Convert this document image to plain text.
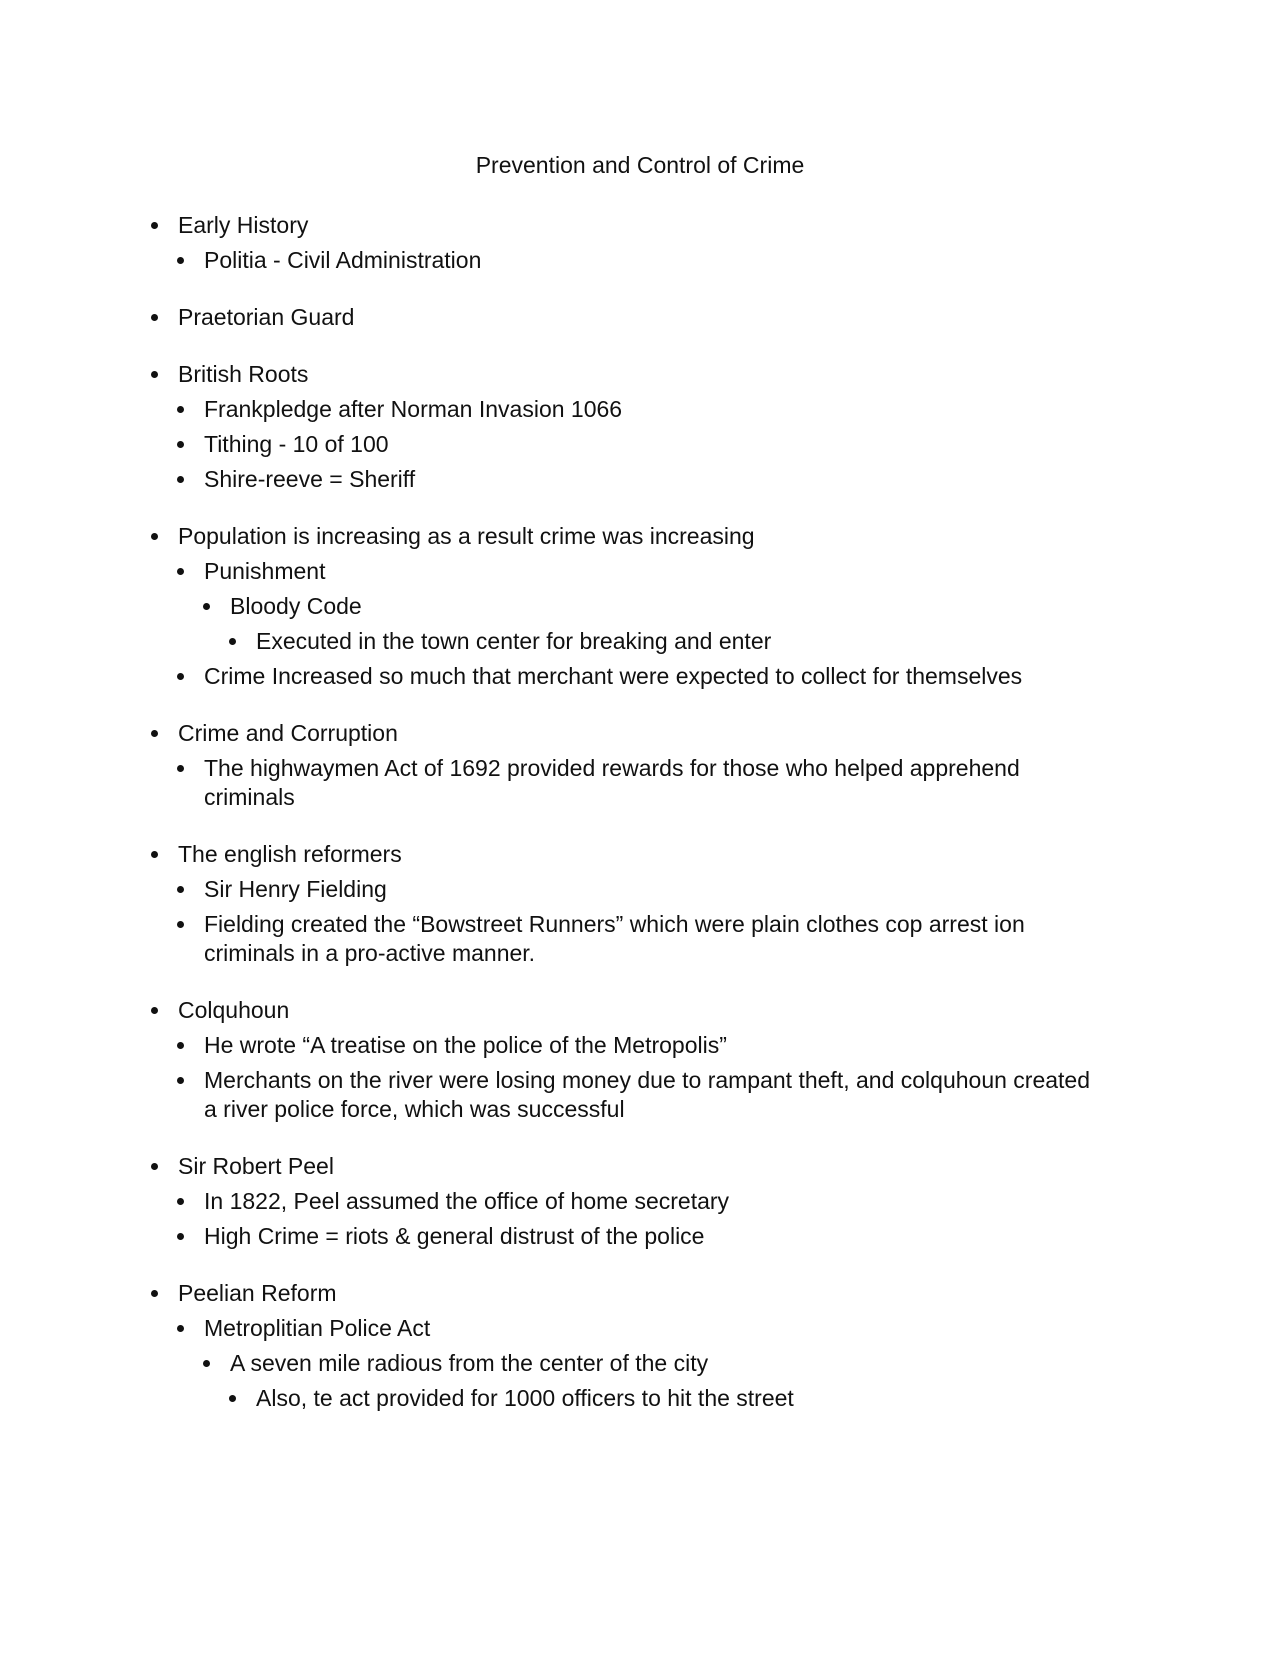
Prevention and Control of Crime
Early History
Politia - Civil Administration
Praetorian Guard
British Roots
Frankpledge after Norman Invasion 1066
Tithing - 10 of 100
Shire-reeve = Sheriff
Population is increasing as a result crime was increasing
Punishment
Bloody Code
Executed in the town center for breaking and enter
Crime Increased so much that merchant were expected to collect for themselves
Crime and Corruption
The highwaymen Act of 1692 provided rewards for those who helped apprehend criminals
The english reformers
Sir Henry Fielding
Fielding created the “Bowstreet Runners” which were plain clothes cop arrest ion criminals in a pro-active manner.
Colquhoun
He wrote “A treatise on the police of the Metropolis”
Merchants on the river were losing money due to rampant theft, and colquhoun created a river police force, which was successful
Sir Robert Peel
In 1822, Peel assumed the office of home secretary
High Crime = riots & general distrust of the police
Peelian Reform
Metroplitian Police Act
A seven mile radious from the center of the city
Also, te act provided for 1000 officers to hit the street
